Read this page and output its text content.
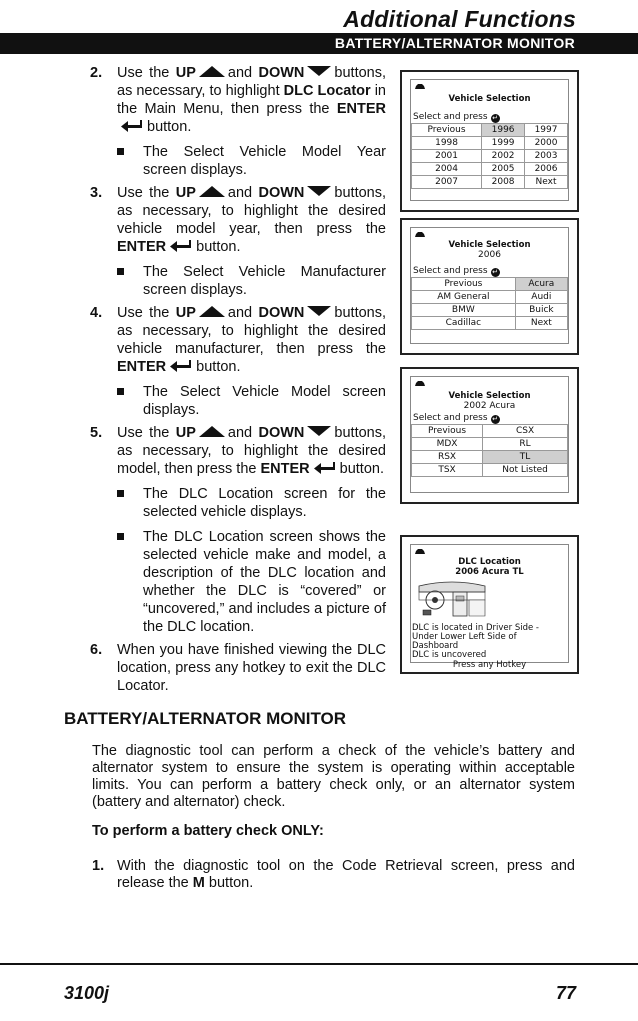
Additional Functions
BATTERY/ALTERNATOR MONITOR
2. Use the UP and DOWN buttons, as necessary, to highlight DLC Locator in the Main Menu, then press the ENTERbutton.
The Select Vehicle Model Year screen displays.
3. Use the UP and DOWN buttons, as necessary, to highlight the desired vehicle model year, then press the ENTER button.
The Select Vehicle Manufacturer screen displays.
4. Use the UP and DOWN buttons, as necessary, to highlight the desired vehicle manufacturer, then press the ENTER button.
The Select Vehicle Model screen displays.
5. Use the UP and DOWN buttons, as necessary, to highlight the desired model, then press the ENTER button.
The DLC Location screen for the selected vehicle displays.
The DLC Location screen shows the selected vehicle make and model, a description of the DLC location and whether the DLC is “covered” or “uncovered,” and includes a picture of the DLC location.
6. When you have finished viewing the DLC location, press any hotkey to exit the DLC Locator.
Vehicle Selection
Select and press ↵
Previous	1996	1997
1998	1999	2000
2001	2002	2003
2004	2005	2006
2007	2008	Next
Vehicle Selection
2006
Select and press ↵
Previous	Acura
AM General	Audi
BMW	Buick
Cadillac	Next
Vehicle Selection
2002 Acura
Select and press ↵
Previous	CSX
MDX	RL
RSX	TL
TSX	Not Listed
DLC Location
2006 Acura TL
DLC is located in Driver Side -
Under Lower Left Side of
Dashboard
DLC is uncovered
Press any Hotkey
BATTERY/ALTERNATOR MONITOR
The diagnostic tool can perform a check of the vehicle’s battery and alternator system to ensure the system is operating within acceptable limits. You can perform a battery check only, or an alternator system (battery and alternator) check.
To perform a battery check ONLY:
1. With the diagnostic tool on the Code Retrieval screen, press and release the M button.
3100j	77
